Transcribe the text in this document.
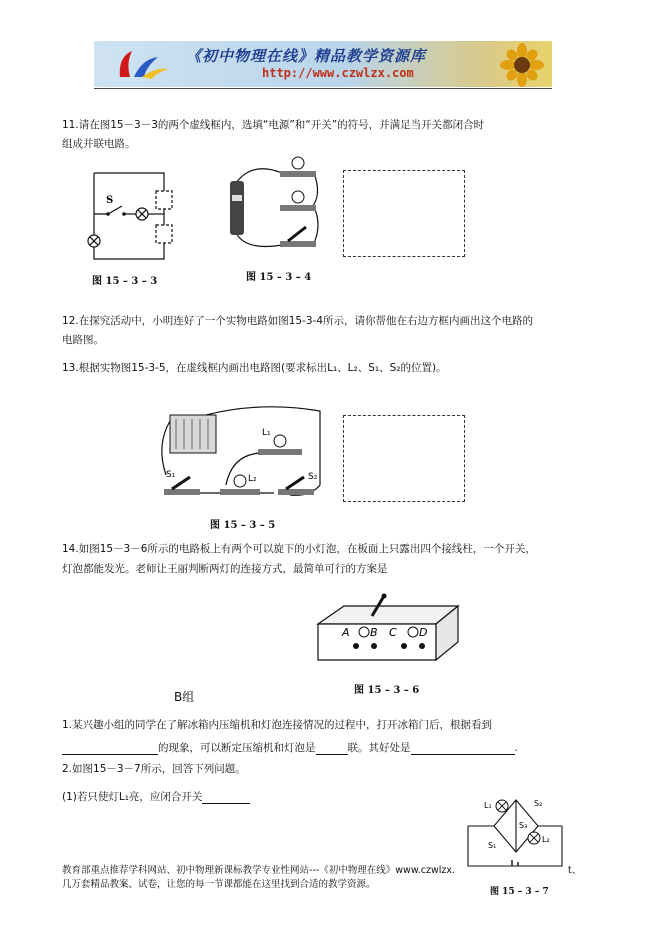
《初中物理在线》精品教学资源库
http://www.czwlzx.com
11.请在图15－3－3的两个虚线框内，选填“电源”和“开关”的符号，并满足当开关都闭合时
组成并联电路。
S
图 15 – 3 – 3	图 15 – 3 – 4
12.在探究活动中，小明连好了一个实物电路如图15-3-4所示，请你帮他在右边方框内画出这个电路的
电路图。
13.根据实物图15-3-5，在虚线框内画出电路图(要求标出L₁、L₂、S₁、S₂的位置)。
L₁
S₁	L₂	S₂
图 15 – 3 – 5
14.如图15－3－6所示的电路板上有两个可以旋下的小灯泡，在板面上只露出四个接线柱，一个开关，
灯泡都能发光。老师让王丽判断两灯的连接方式，最简单可行的方案是
A B C D
图 15 – 3 – 6
B组
1.某兴趣小组的同学在了解冰箱内压缩机和灯泡连接情况的过程中，打开冰箱门后，根据看到
的现象，可以断定压缩机和灯泡是	联。其好处是	.
2.如图15－3－7所示，回答下列问题。
(1)若只使灯L₁亮，应闭合开关
L₁	S₂
S₃
S₁
L₂
图 15 – 3 – 7
教育部重点推荐学科网站、初中物理新课标教学专业性网站---《初中物理在线》www.czwlzx.
几万套精品教案、试卷，让您的每一节课都能在这里找到合适的教学资源。
t、
